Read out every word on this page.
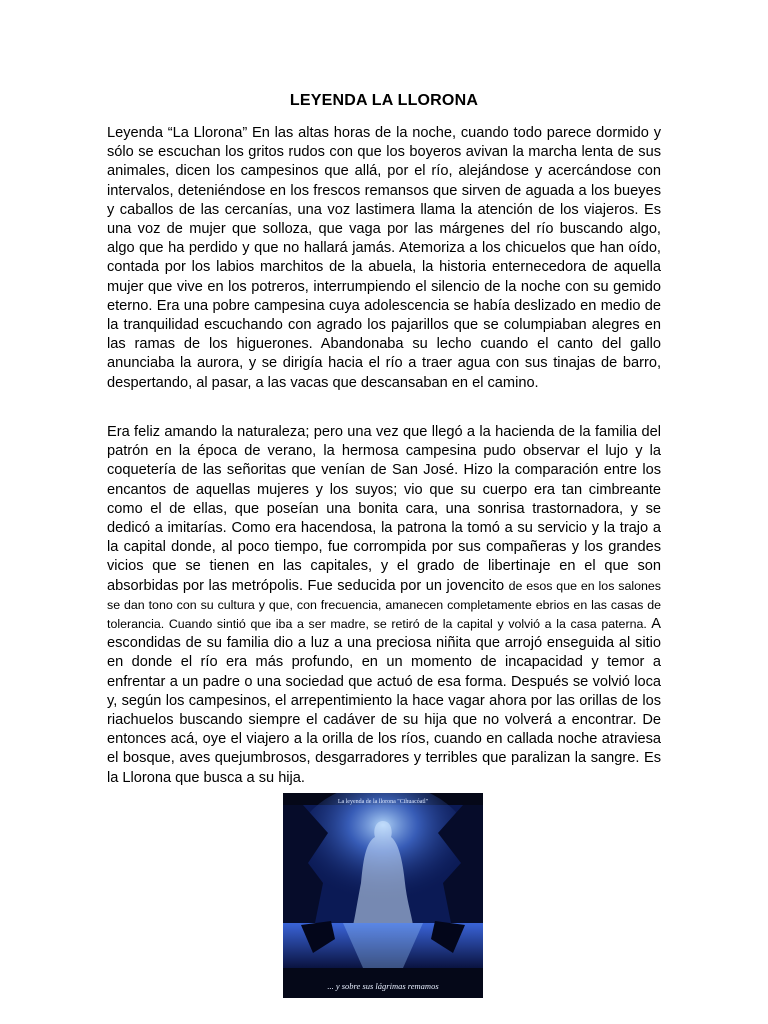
LEYENDA LA LLORONA
Leyenda “La Llorona” En las altas horas de la noche, cuando todo parece dormido y sólo se escuchan los gritos rudos con que los boyeros avivan la marcha lenta de sus animales, dicen los campesinos que allá, por el río, alejándose y acercándose con intervalos, deteniéndose en los frescos remansos que sirven de aguada a los bueyes y caballos de las cercanías, una voz lastimera llama la atención de los viajeros. Es una voz de mujer que solloza, que vaga por las márgenes del río buscando algo, algo que ha perdido y que no hallará jamás. Atemoriza a los chicuelos que han oído, contada por los labios marchitos de la abuela, la historia enternecedora de aquella mujer que vive en los potreros, interrumpiendo el silencio de la noche con su gemido eterno. Era una pobre campesina cuya adolescencia se había deslizado en medio de la tranquilidad escuchando con agrado los pajarillos que se columpiaban alegres en las ramas de los higuerones. Abandonaba su lecho cuando el canto del gallo anunciaba la aurora, y se dirigía hacia el río a traer agua con sus tinajas de barro, despertando, al pasar, a las vacas que descansaban en el camino.
Era feliz amando la naturaleza; pero una vez que llegó a la hacienda de la familia del patrón en la época de verano, la hermosa campesina pudo observar el lujo y la coquetería de las señoritas que venían de San José. Hizo la comparación entre los encantos de aquellas mujeres y los suyos; vio que su cuerpo era tan cimbreante como el de ellas, que poseían una bonita cara, una sonrisa trastornadora, y se dedicó a imitarías. Como era hacendosa, la patrona la tomó a su servicio y la trajo a la capital donde, al poco tiempo, fue corrompida por sus compañeras y los grandes vicios que se tienen en las capitales, y el grado de libertinaje en el que son absorbidas por las metrópolis. Fue seducida por un jovencito de esos que en los salones se dan tono con su cultura y que, con frecuencia, amanecen completamente ebrios en las casas de tolerancia. Cuando sintió que iba a ser madre, se retiró de la capital y volvió a la casa paterna. A escondidas de su familia dio a luz a una preciosa niñita que arrojó enseguida al sitio en donde el río era más profundo, en un momento de incapacidad y temor a enfrentar a un padre o una sociedad que actuó de esa forma. Después se volvió loca y, según los campesinos, el arrepentimiento la hace vagar ahora por las orillas de los riachuelos buscando siempre el cadáver de su hija que no volverá a encontrar. De entonces acá, oye el viajero a la orilla de los ríos, cuando en callada noche atraviesa el bosque, aves quejumbrosos, desgarradores y terribles que paralizan la sangre. Es la Llorona que busca a su hija.
La leyenda de la llorona "Cihuacóatl"
... y sobre sus lágrimas remamos
